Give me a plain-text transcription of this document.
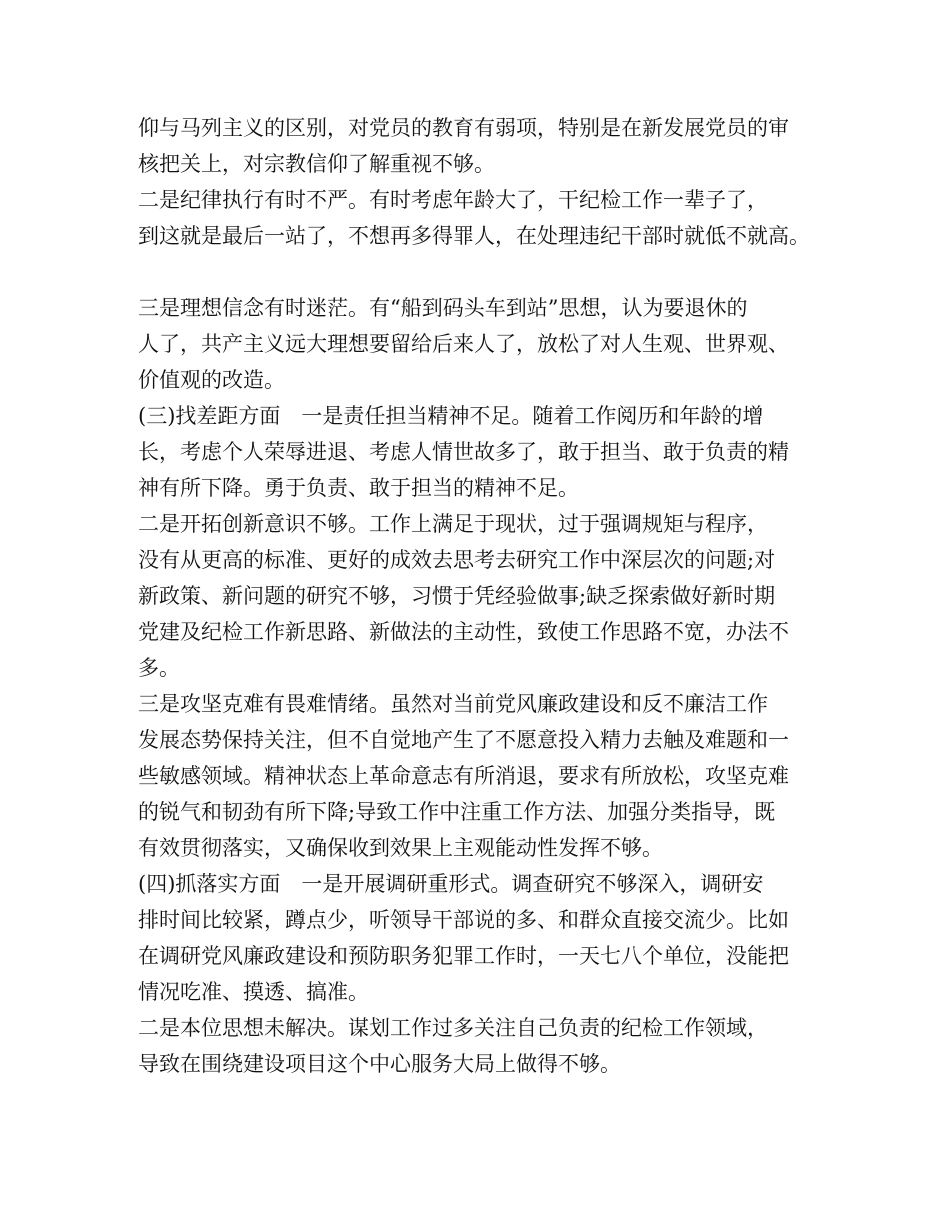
仰与马列主义的区别，对党员的教育有弱项，特别是在新发展党员的审
核把关上，对宗教信仰了解重视不够。
二是纪律执行有时不严。有时考虑年龄大了，干纪检工作一辈子了，
到这就是最后一站了，不想再多得罪人，在处理违纪干部时就低不就高。
三是理想信念有时迷茫。有“船到码头车到站”思想，认为要退休的
人了，共产主义远大理想要留给后来人了，放松了对人生观、世界观、
价值观的改造。
(三)找差距方面　一是责任担当精神不足。随着工作阅历和年龄的增
长，考虑个人荣辱进退、考虑人情世故多了，敢于担当、敢于负责的精
神有所下降。勇于负责、敢于担当的精神不足。
二是开拓创新意识不够。工作上满足于现状，过于强调规矩与程序，
没有从更高的标准、更好的成效去思考去研究工作中深层次的问题;对
新政策、新问题的研究不够，习惯于凭经验做事;缺乏探索做好新时期
党建及纪检工作新思路、新做法的主动性，致使工作思路不宽，办法不
多。
三是攻坚克难有畏难情绪。虽然对当前党风廉政建设和反不廉洁工作
发展态势保持关注，但不自觉地产生了不愿意投入精力去触及难题和一
些敏感领域。精神状态上革命意志有所消退，要求有所放松，攻坚克难
的锐气和韧劲有所下降;导致工作中注重工作方法、加强分类指导，既
有效贯彻落实，又确保收到效果上主观能动性发挥不够。
(四)抓落实方面　一是开展调研重形式。调查研究不够深入，调研安
排时间比较紧，蹲点少，听领导干部说的多、和群众直接交流少。比如
在调研党风廉政建设和预防职务犯罪工作时，一天七八个单位，没能把
情况吃准、摸透、搞准。
二是本位思想未解决。谋划工作过多关注自己负责的纪检工作领域，
导致在围绕建设项目这个中心服务大局上做得不够。
